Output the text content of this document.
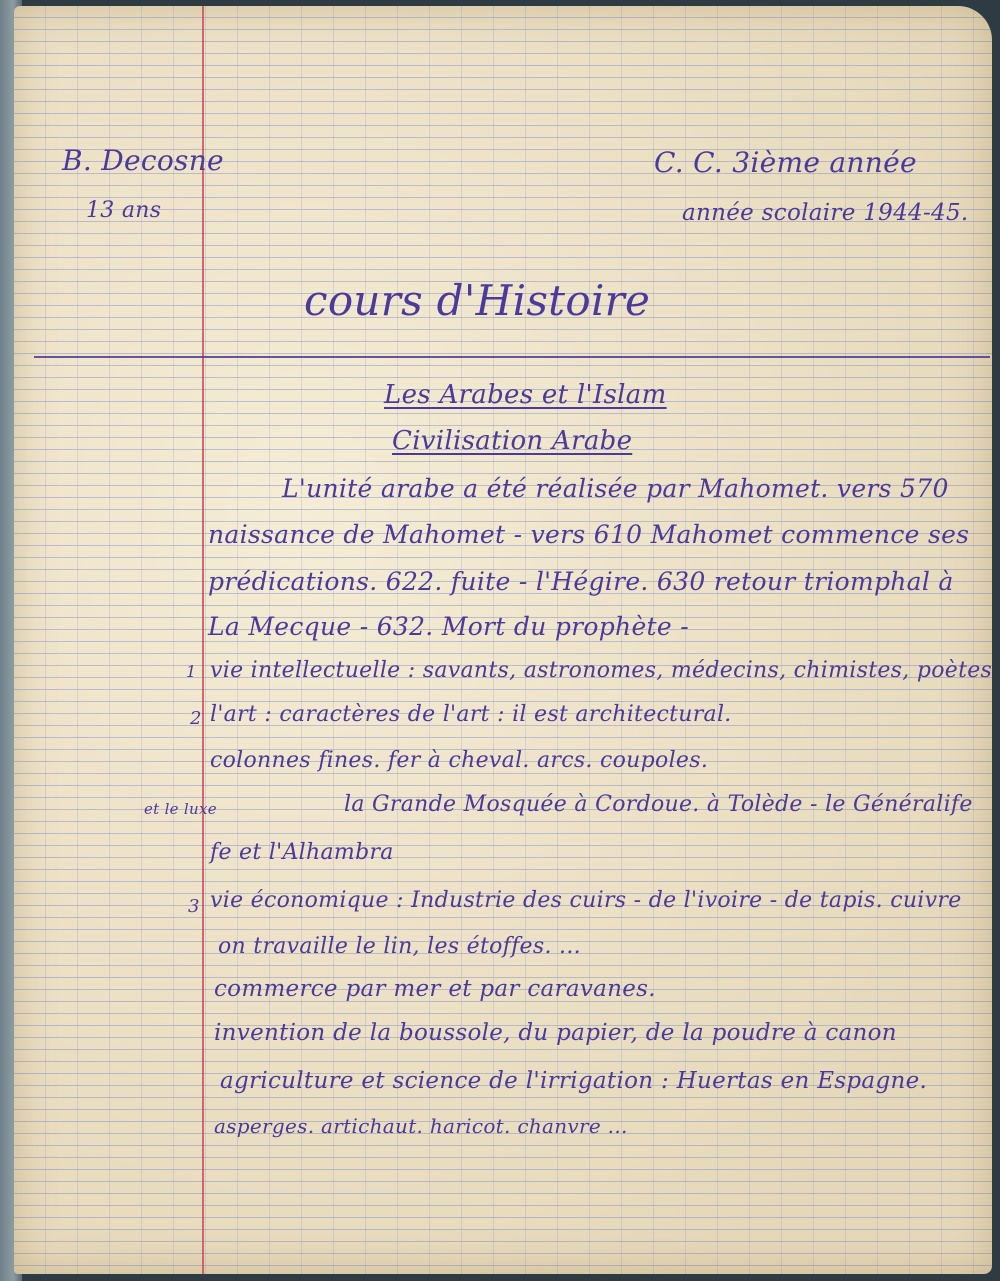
B. Decosne
13 ans
C. C. 3ième année
année scolaire 1944-45.
cours d'Histoire
Les Arabes et l'Islam
Civilisation Arabe
L'unité arabe a été réalisée par Mahomet. vers 570
naissance de Mahomet - vers 610 Mahomet commence ses
prédications. 622. fuite - l'Hégire. 630 retour triomphal à
La Mecque - 632. Mort du prophète -
1 vie intellectuelle : savants, astronomes, médecins, chimistes, poètes
2 l'art : caractères de l'art : il est architectural.
colonnes fines. fer à cheval. arcs. coupoles.
et le luxe	la Grande Mosquée à Cordoue. à Tolède - le Généralife
fe et l'Alhambra
3 vie économique : Industrie des cuirs - de l'ivoire - de tapis. cuivre
on travaille le lin, les étoffes. ...
commerce par mer et par caravanes.
invention de la boussole, du papier, de la poudre à canon
agriculture et science de l'irrigation : Huertas en Espagne.
asperges. artichaut. haricot. chanvre ...
